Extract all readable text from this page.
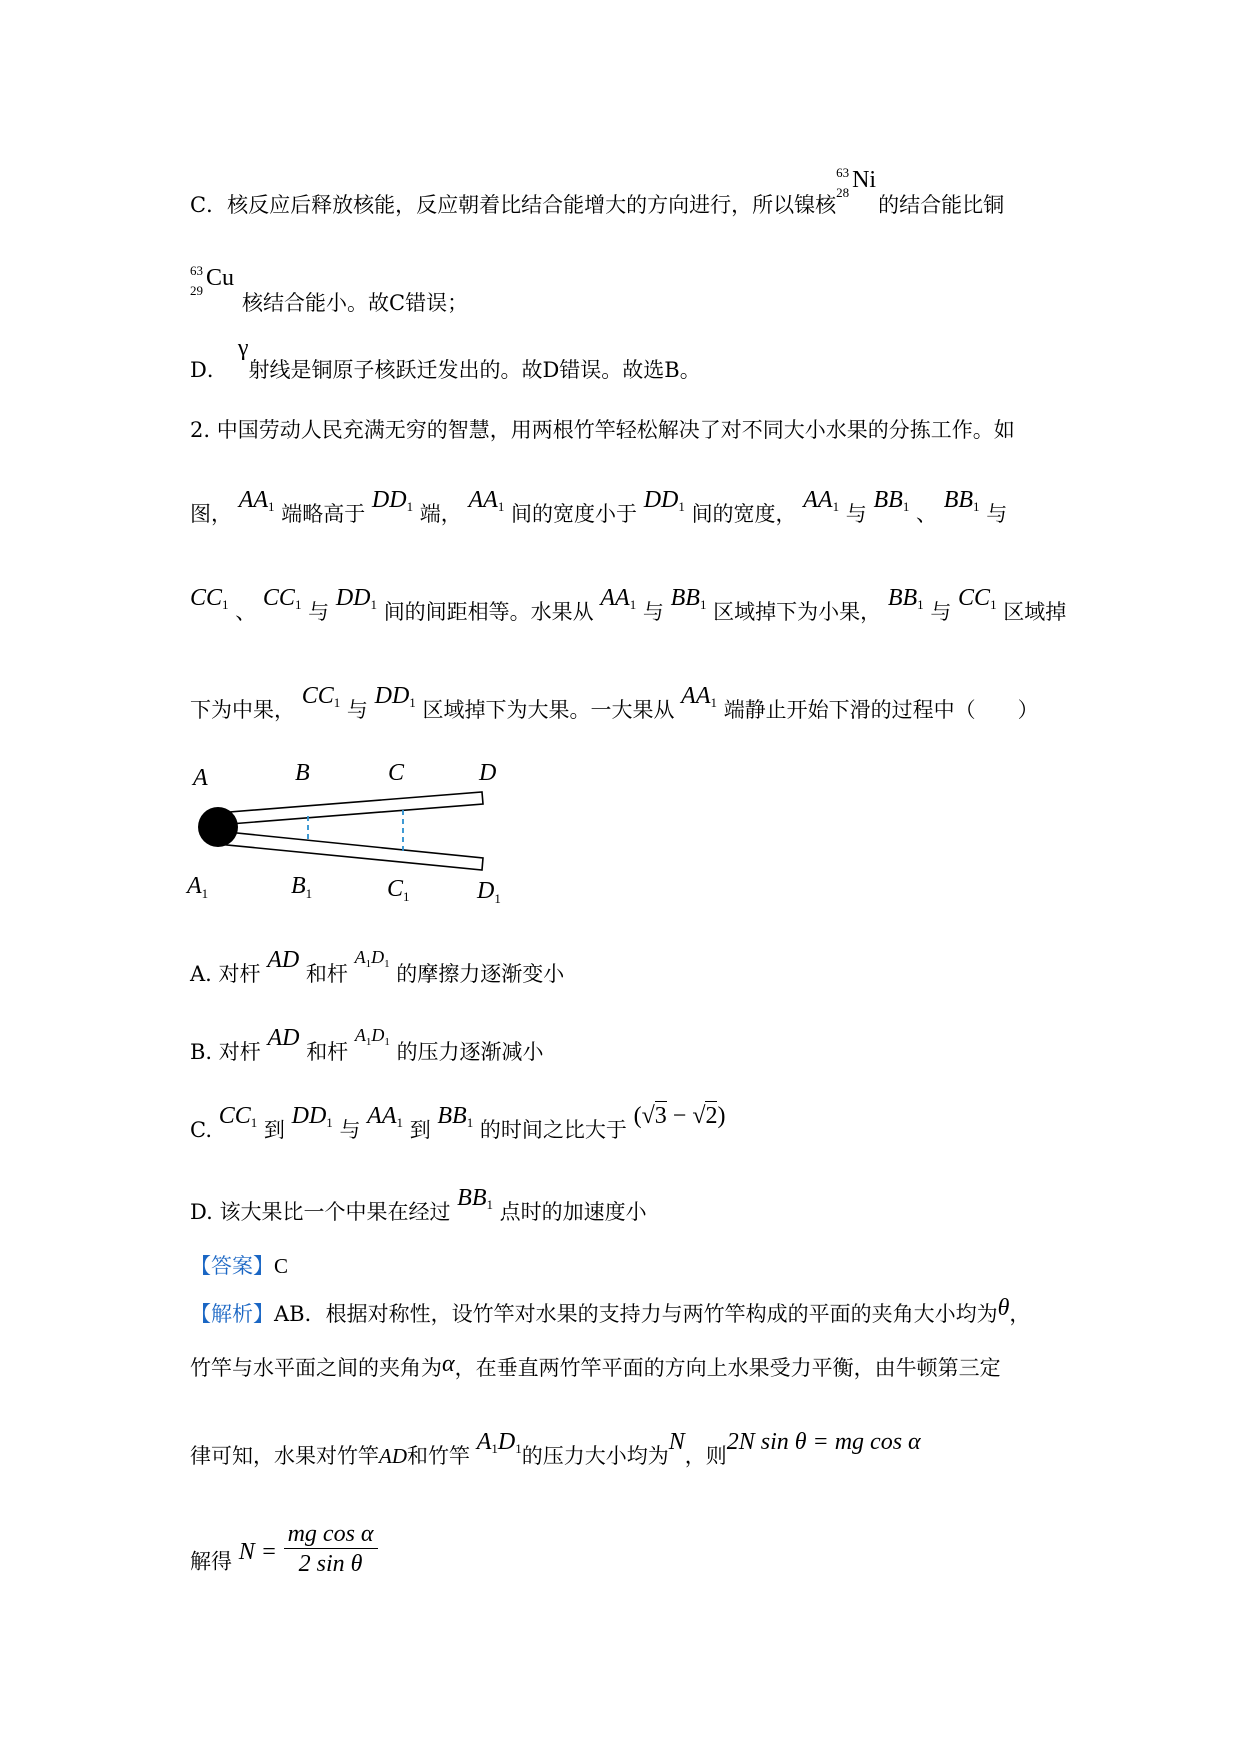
C．核反应后释放核能，反应朝着比结合能增大的方向进行，所以镍核
63
28 Ni
的结合能比铜
63
29 Cu
核结合能小。故C错误；
D．γ射线是铜原子核跃迁发出的。故D错误。故选B。
2. 中国劳动人民充满无穷的智慧，用两根竹竿轻松解决了对不同大小水果的分拣工作。如
图， AA1 端略高于 DD1 端， AA1 间的宽度小于 DD1 间的宽度， AA1 与 BB1 、 BB1 与
CC1 、 CC1 与 DD1 间的间距相等。水果从 AA1 与 BB1 区域掉下为小果， BB1 与 CC1 区域掉
下为中果， CC1 与 DD1 区域掉下为大果。一大果从 AA1 端静止开始下滑的过程中（　　）
A	B	C	D
$A_1$	$B_1$	$C_1$	$D_1$
A. 对杆 AD 和杆 $A_1D_1$ 的摩擦力逐渐变小
B. 对杆 AD 和杆 $A_1D_1$ 的压力逐渐减小
C. CC1 到 DD1 与 AA1 到 BB1 的时间之比大于 (√3 − √2)
D. 该大果比一个中果在经过 BB1 点时的加速度小
【答案】C
【解析】AB．根据对称性，设竹竿对水果的支持力与两竹竿构成的平面的夹角大小均为θ，
竹竿与水平面之间的夹角为α，在垂直两竹竿平面的方向上水果受力平衡，由牛顿第三定
律可知，水果对竹竿AD和竹竿 A1D1的压力大小均为N，则2N sin θ = mg cos α
解得 $N = \frac{\text{mg cos α}}{\text{2 sin θ}}$
